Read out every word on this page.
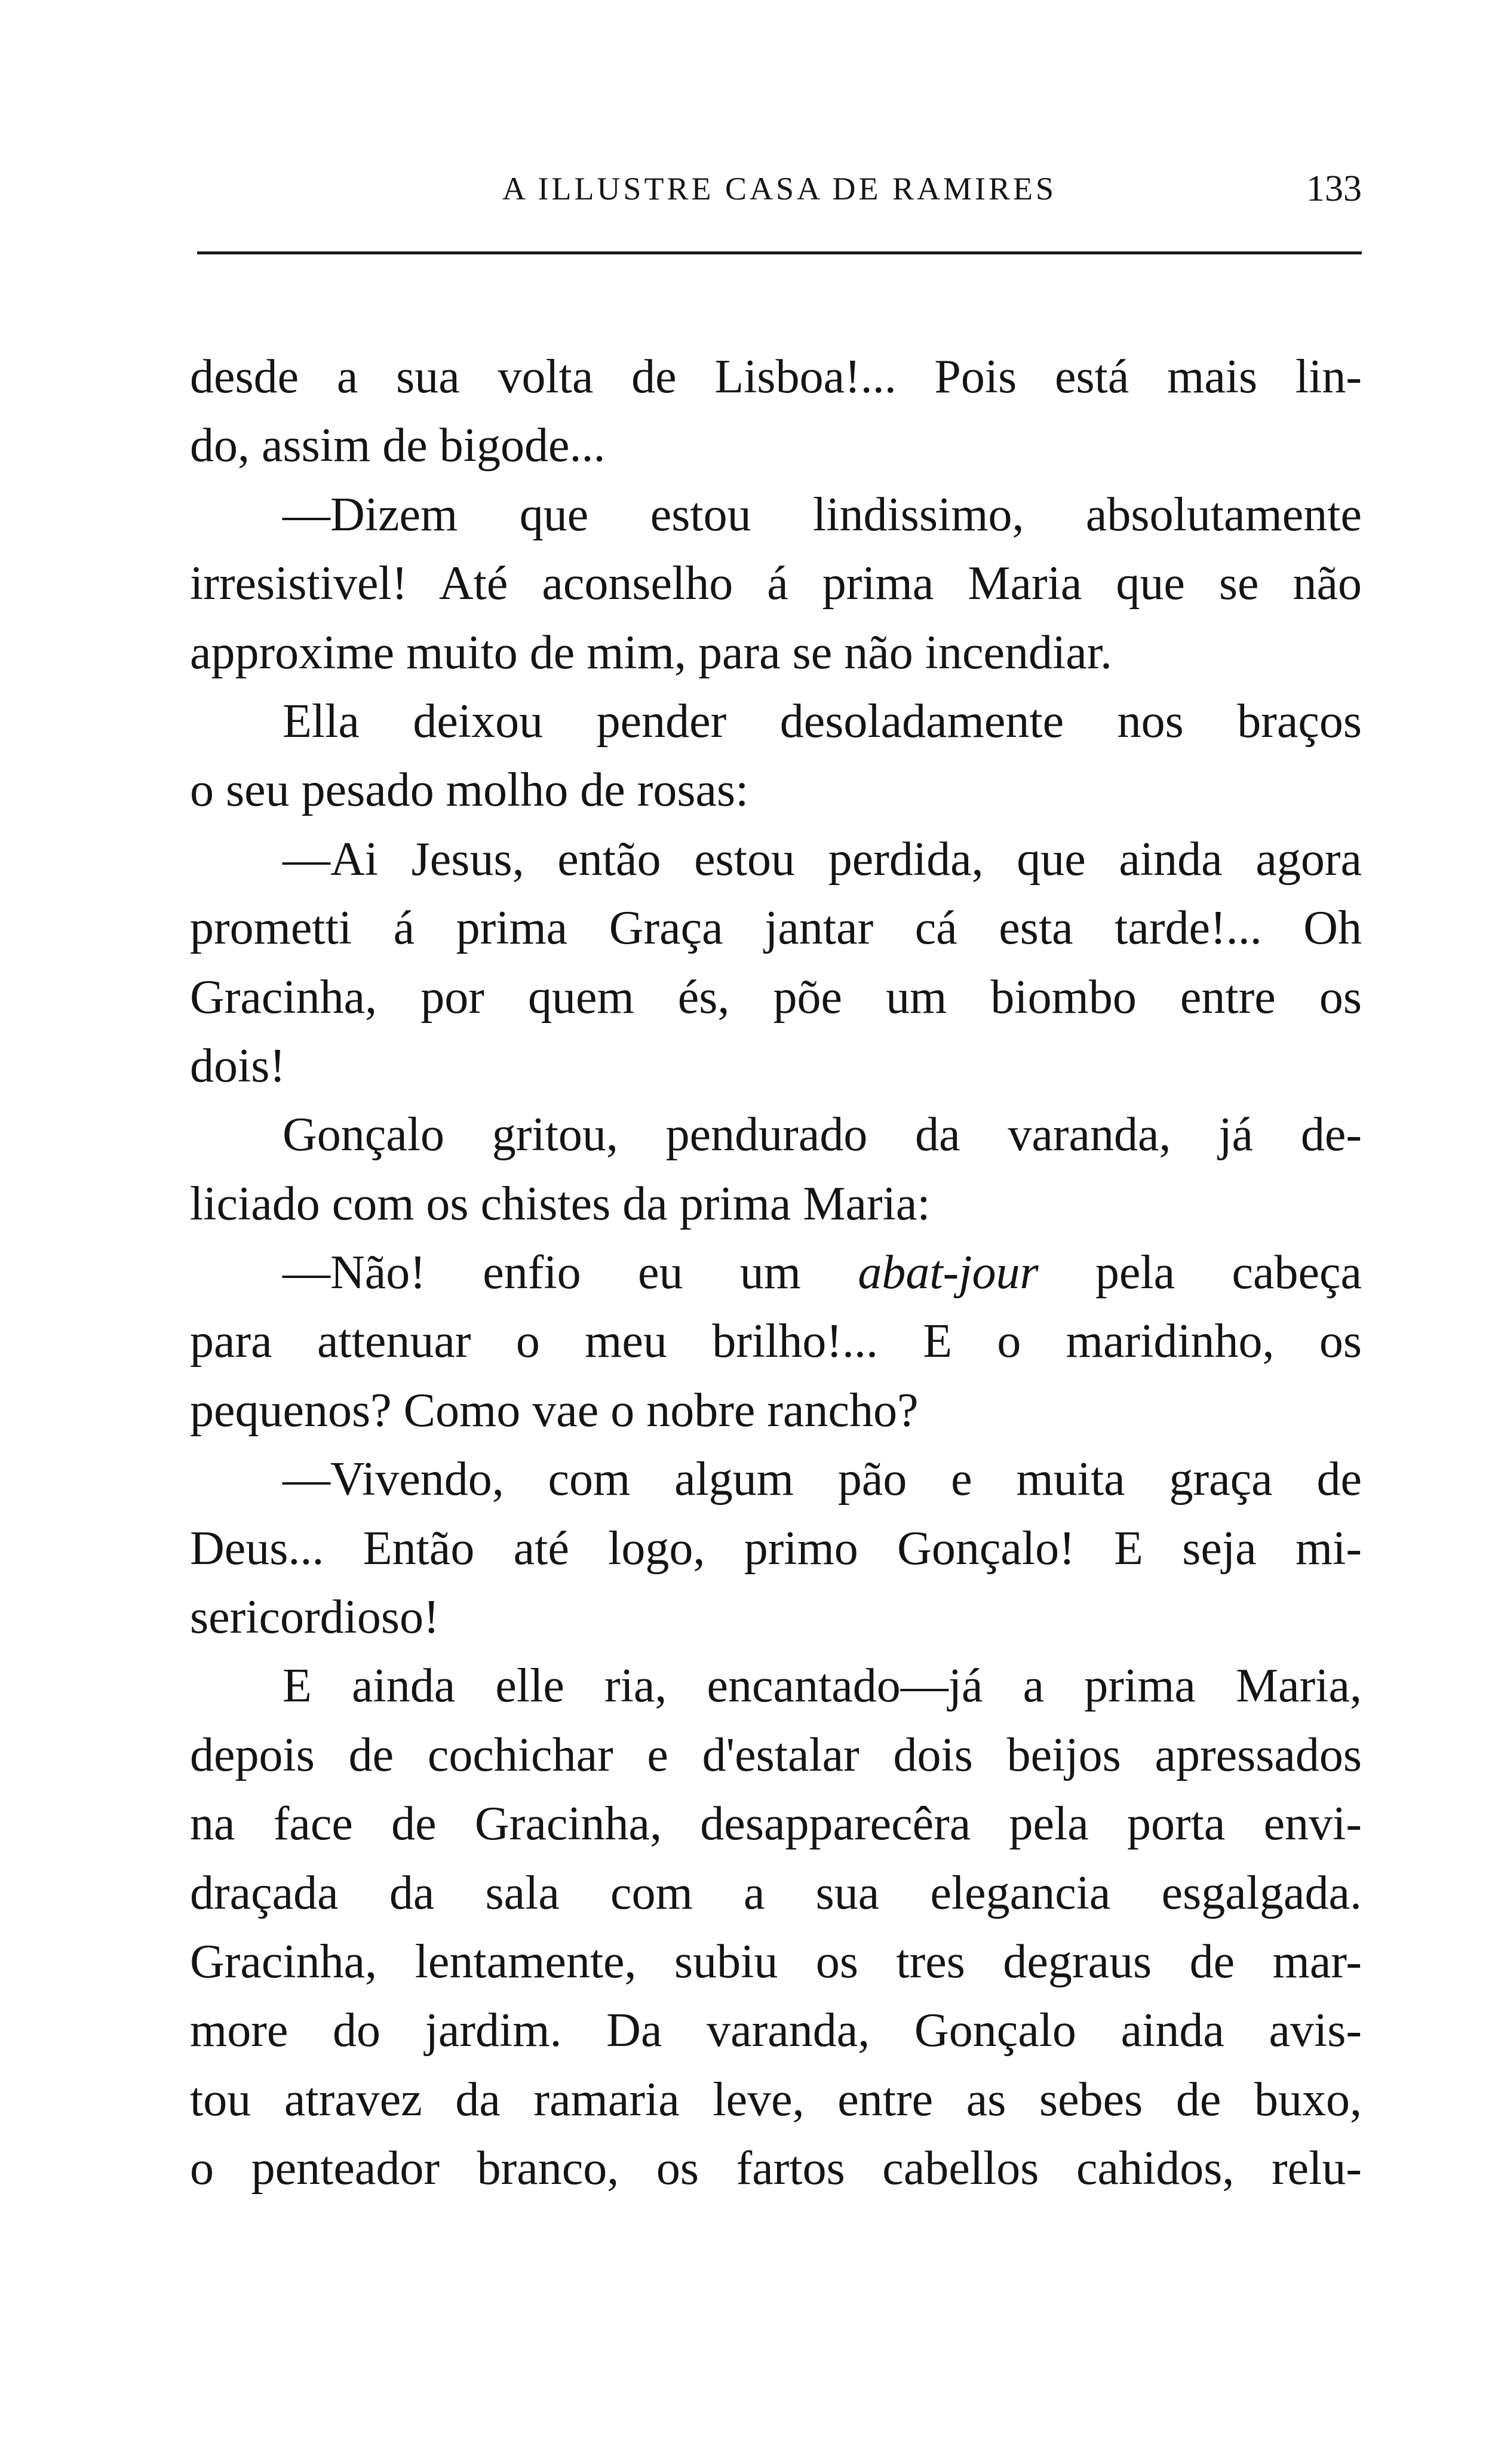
A ILLUSTRE CASA DE RAMIRES	133
desde a sua volta de Lisboa!... Pois está mais lin-
do, assim de bigode...
—Dizem que estou lindissimo, absolutamente
irresistivel! Até aconselho á prima Maria que se não
approxime muito de mim, para se não incendiar.
Ella deixou pender desoladamente nos braços
o seu pesado molho de rosas:
—Ai Jesus, então estou perdida, que ainda agora
prometti á prima Graça jantar cá esta tarde!... Oh
Gracinha, por quem és, põe um biombo entre os
dois!
Gonçalo gritou, pendurado da varanda, já de-
liciado com os chistes da prima Maria:
—Não! enfio eu um abat-jour pela cabeça
para attenuar o meu brilho!... E o maridinho, os
pequenos? Como vae o nobre rancho?
—Vivendo, com algum pão e muita graça de
Deus... Então até logo, primo Gonçalo! E seja mi-
sericordioso!
E ainda elle ria, encantado—já a prima Maria,
depois de cochichar e d'estalar dois beijos apressados
na face de Gracinha, desapparecêra pela porta envi-
draçada da sala com a sua elegancia esgalgada.
Gracinha, lentamente, subiu os tres degraus de mar-
more do jardim. Da varanda, Gonçalo ainda avis-
tou atravez da ramaria leve, entre as sebes de buxo,
o penteador branco, os fartos cabellos cahidos, relu-
